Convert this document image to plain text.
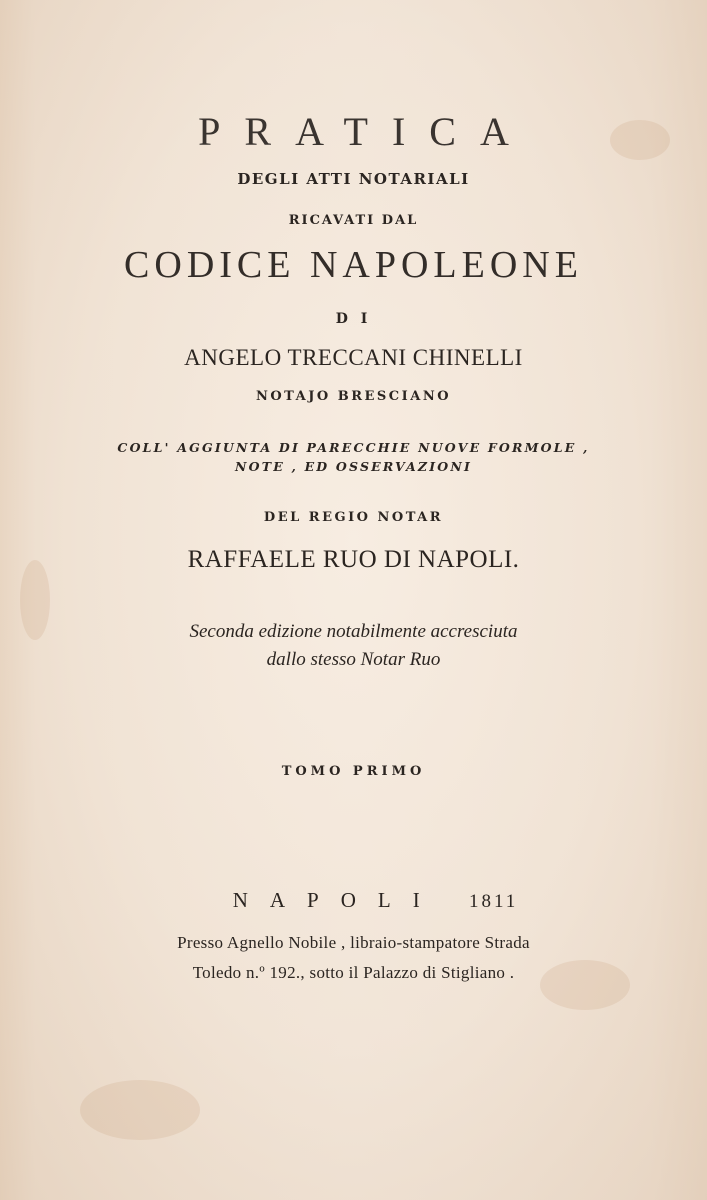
PRATICA
DEGLI ATTI NOTARIALI
RICAVATI DAL
CODICE NAPOLEONE
D I
ANGELO TRECCANI CHINELLI
NOTAJO BRESCIANO
COLL' AGGIUNTA DI PARECCHIE NUOVE FORMOLE ,
NOTE , ED OSSERVAZIONI
DEL REGIO NOTAR
RAFFAELE RUO DI NAPOLI.
Seconda edizione notabilmente accresciuta
dallo stesso Notar Ruo
TOMO PRIMO
NAPOLI 1811
Presso Agnello Nobile , libraio-stampatore Strada
Toledo n.º 192., sotto il Palazzo di Stigliano .
